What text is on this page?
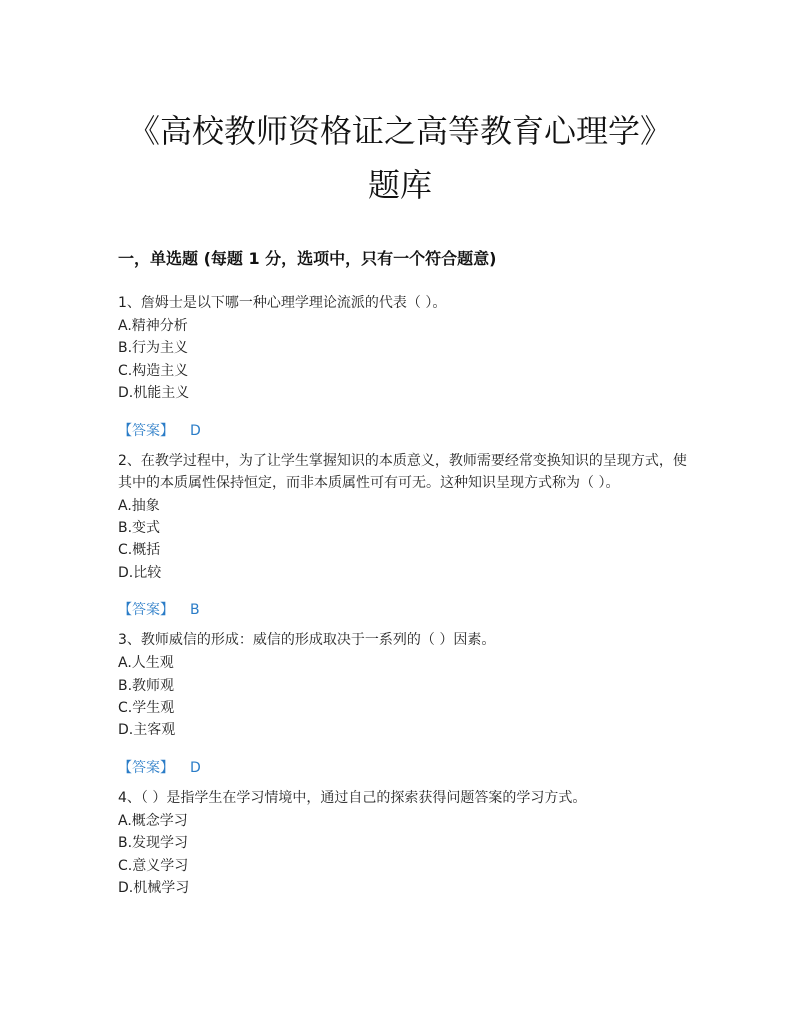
《高校教师资格证之高等教育心理学》题库
一，单选题 (每题 1 分，选项中，只有一个符合题意)

1、詹姆士是以下哪一种心理学理论流派的代表（ ）。

A.精神分析

B.行为主义

C.构造主义

D.机能主义

【答案】 D

2、在教学过程中，为了让学生掌握知识的本质意义，教师需要经常变换知识的呈现方式，使其中的本质属性保持恒定，而非本质属性可有可无。这种知识呈现方式称为（ ）。

A.抽象

B.变式

C.概括

D.比较

【答案】 B

3、教师威信的形成：威信的形成取决于一系列的（ ）因素。

A.人生观

B.教师观

C.学生观

D.主客观

【答案】 D

4、（ ）是指学生在学习情境中，通过自己的探索获得问题答案的学习方式。

A.概念学习

B.发现学习

C.意义学习

D.机械学习
